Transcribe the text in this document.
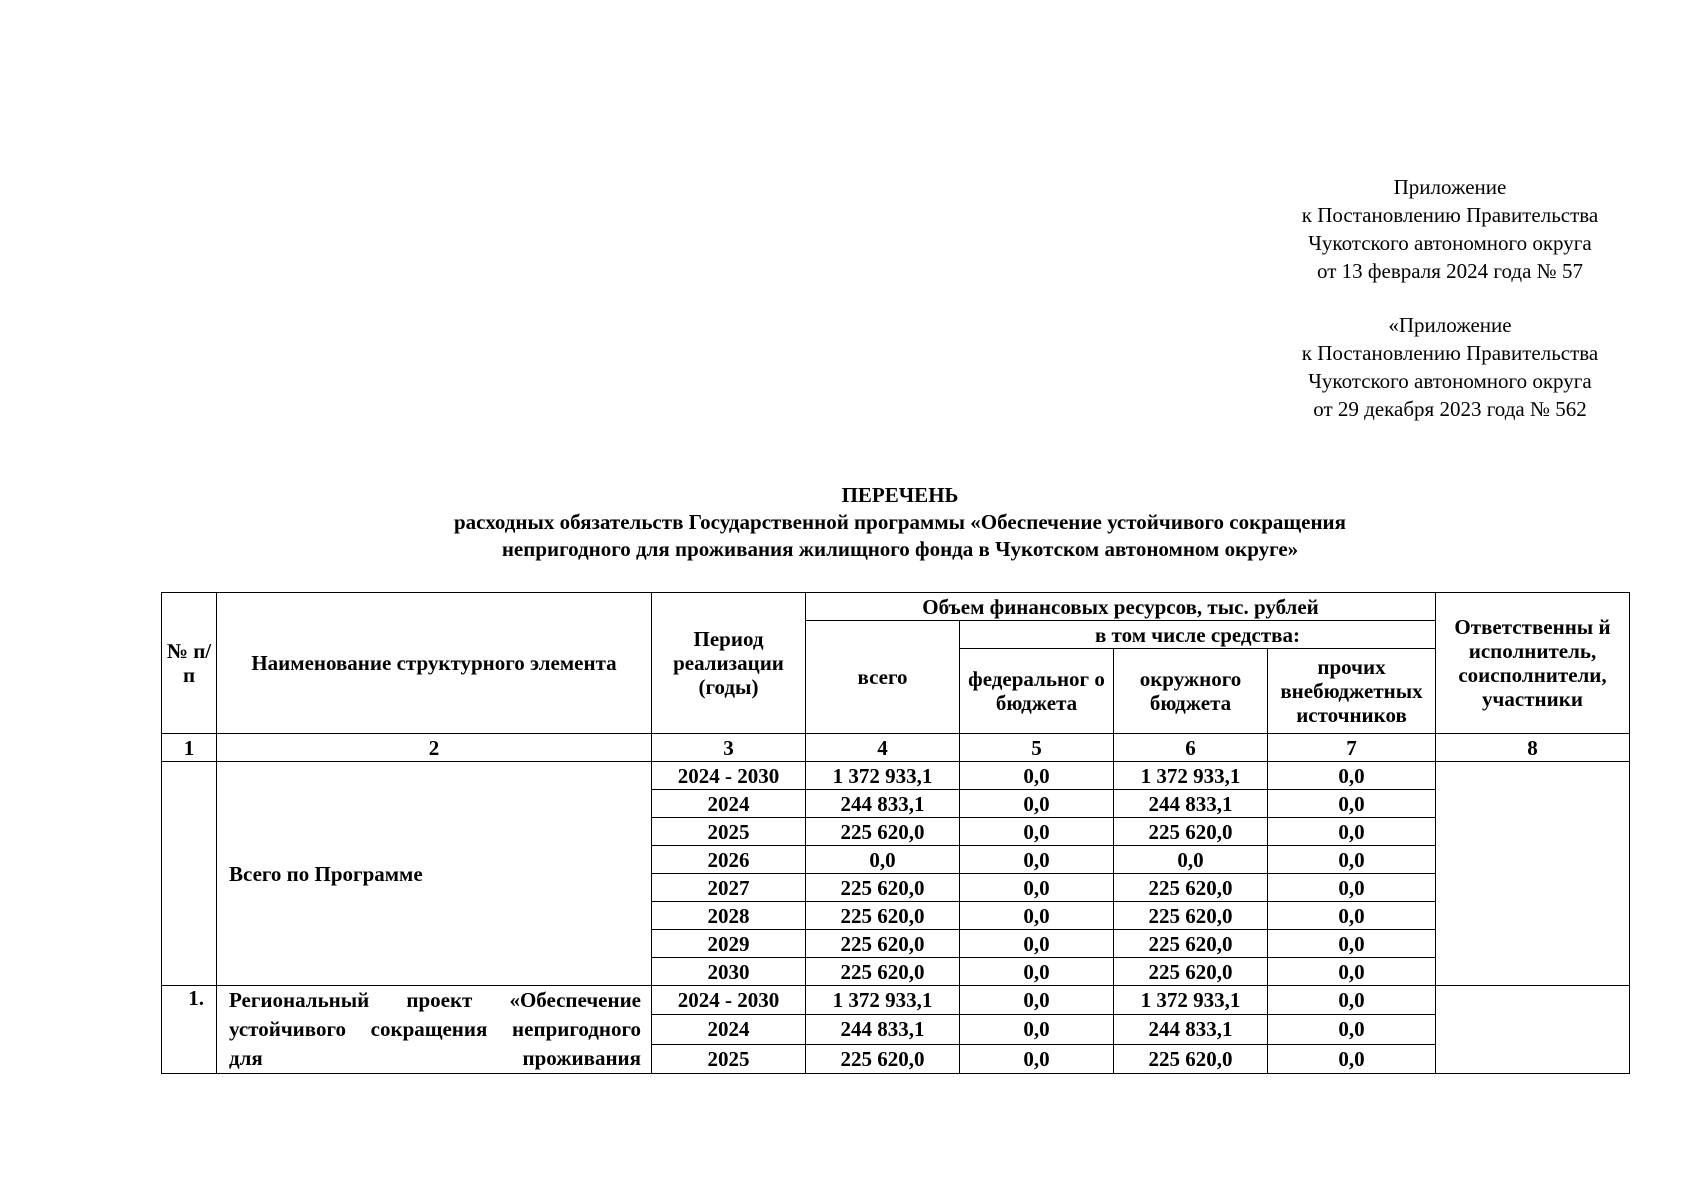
Приложение
к Постановлению Правительства
Чукотского автономного округа
от 13 февраля 2024 года № 57
«Приложение
к Постановлению Правительства
Чукотского автономного округа
от 29 декабря 2023 года № 562
ПЕРЕЧЕНЬ
расходных обязательств Государственной программы «Обеспечение устойчивого сокращения
непригодного для проживания жилищного фонда в Чукотском автономном округе»
№ п/п	Наименование структурного элемента	Период реализации (годы)	Объем финансовых ресурсов, тыс. рублей				Ответственны й исполнитель, соисполнители, участники
			всего	в том числе средства:			
				федеральног о бюджета	окружного бюджета	прочих внебюджетных источников	
1	2	3	4	5	6	7	8
	Всего по Программе	2024 - 2030	1 372 933,1	0,0	1 372 933,1	0,0	
		2024	244 833,1	0,0	244 833,1	0,0	
		2025	225 620,0	0,0	225 620,0	0,0	
		2026	0,0	0,0	0,0	0,0	
		2027	225 620,0	0,0	225 620,0	0,0	
		2028	225 620,0	0,0	225 620,0	0,0	
		2029	225 620,0	0,0	225 620,0	0,0	
		2030	225 620,0	0,0	225 620,0	0,0	
1.	Региональный проект «Обеспечение устойчивого сокращения непригодного для проживания	2024 - 2030	1 372 933,1	0,0	1 372 933,1	0,0	
		2024	244 833,1	0,0	244 833,1	0,0	
		2025	225 620,0	0,0	225 620,0	0,0	
